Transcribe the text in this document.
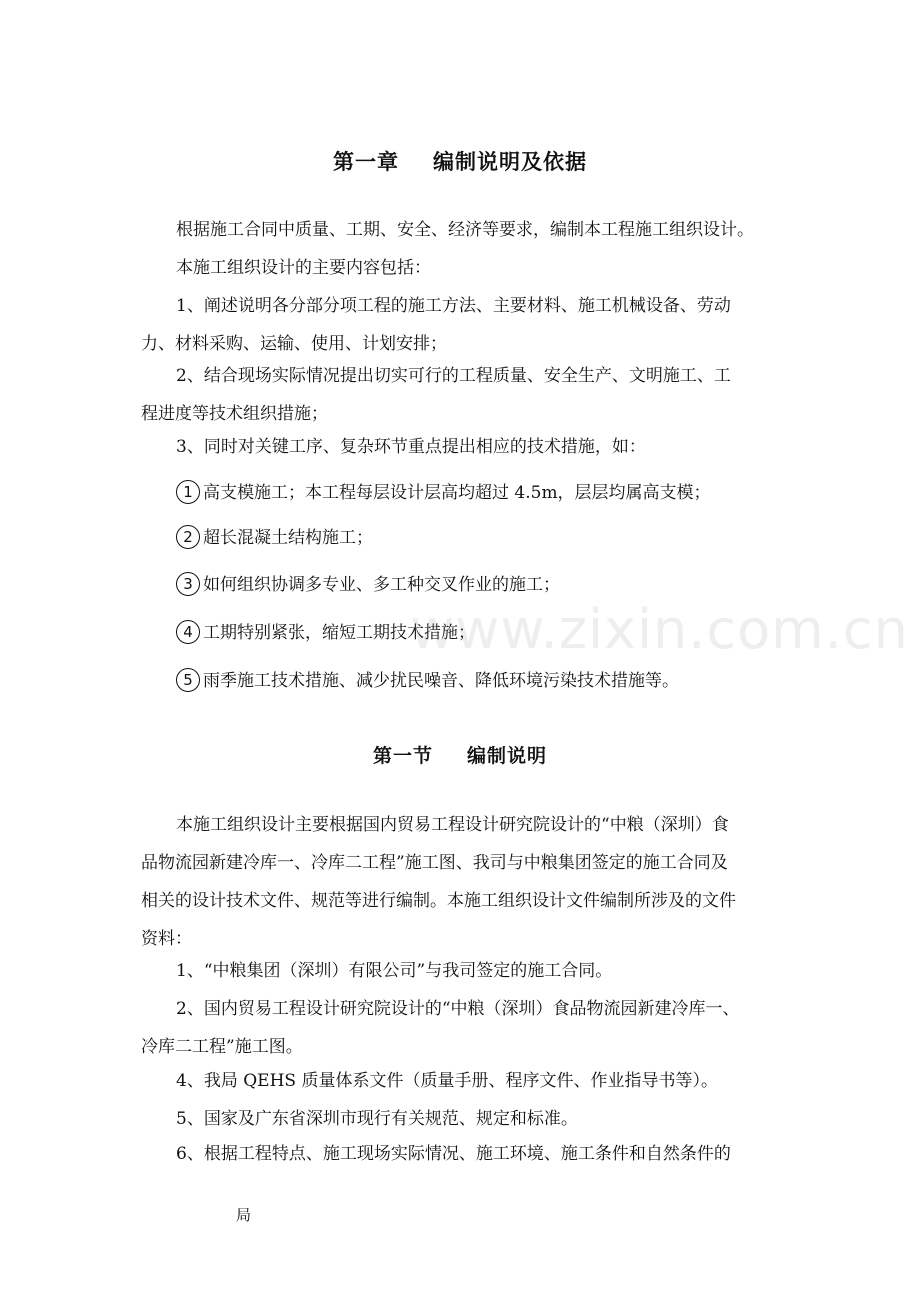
第一章 编制说明及依据

根据施工合同中质量、工期、安全、经济等要求，编制本工程施工组织设计。
本施工组织设计的主要内容包括：

1、阐述说明各分部分项工程的施工方法、主要材料、施工机械设备、劳动
力、材料采购、运输、使用、计划安排；

2、结合现场实际情况提出切实可行的工程质量、安全生产、文明施工、工
程进度等技术组织措施；

3、同时对关键工序、复杂环节重点提出相应的技术措施，如：

1 高支模施工；本工程每层设计层高均超过 4.5m，层层均属高支模；
2 超长混凝土结构施工；
3 如何组织协调多专业、多工种交叉作业的施工；
4 工期特别紧张，缩短工期技术措施；
5 雨季施工技术措施、减少扰民噪音、降低环境污染技术措施等。
第一节 编制说明

本施工组织设计主要根据国内贸易工程设计研究院设计的“中粮（深圳）食
品物流园新建冷库一、冷库二工程”施工图、我司与中粮集团签定的施工合同及
相关的设计技术文件、规范等进行编制。本施工组织设计文件编制所涉及的文件
资料：

1、“中粮集团（深圳）有限公司”与我司签定的施工合同。

2、国内贸易工程设计研究院设计的“中粮（深圳）食品物流园新建冷库一、
冷库二工程”施工图。

4、我局 QEHS 质量体系文件（质量手册、程序文件、作业指导书等）。

5、国家及广东省深圳市现行有关规范、规定和标准。

6、根据工程特点、施工现场实际情况、施工环境、施工条件和自然条件的

www.zixin.com.cn
局
